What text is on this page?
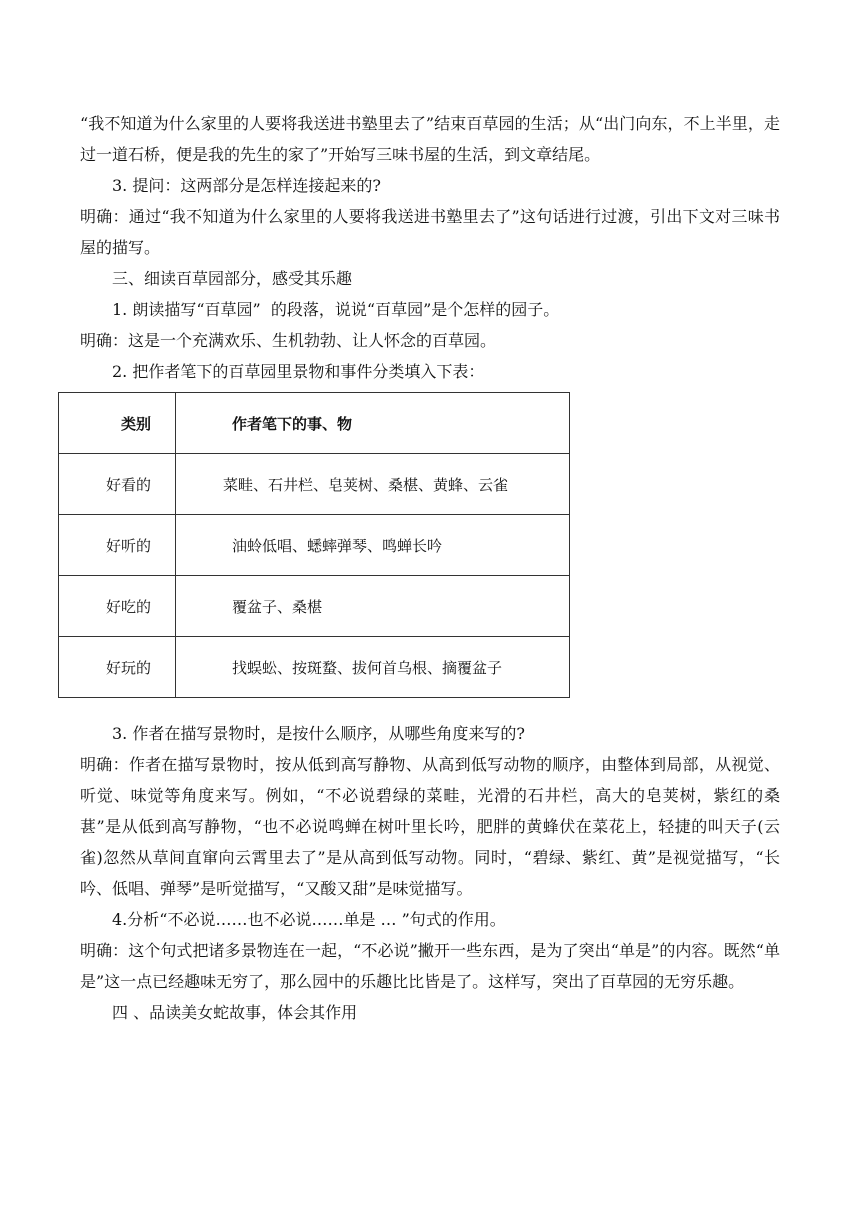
“我不知道为什么家里的人要将我送进书塾里去了”结束百草园的生活；从“出门向东，不上半里，走过一道石桥，便是我的先生的家了”开始写三味书屋的生活，到文章结尾。

3. 提问：这两部分是怎样连接起来的?

明确：通过“我不知道为什么家里的人要将我送进书塾里去了”这句话进行过渡，引出下文对三味书屋的描写。

三、细读百草园部分，感受其乐趣

1. 朗读描写“百草园”  的段落，说说“百草园”是个怎样的园子。

明确：这是一个充满欢乐、生机勃勃、让人怀念的百草园。

2. 把作者笔下的百草园里景物和事件分类填入下表：

类别	作者笔下的事、物
好看的	菜畦、石井栏、皂荚树、桑椹、黄蜂、云雀
好听的	油蛉低唱、蟋蟀弹琴、鸣蝉长吟
好吃的	覆盆子、桑椹
好玩的	找蜈蚣、按斑蝥、拔何首乌根、摘覆盆子

3. 作者在描写景物时，是按什么顺序，从哪些角度来写的?

明确：作者在描写景物时，按从低到高写静物、从高到低写动物的顺序，由整体到局部，从视觉、听觉、味觉等角度来写。例如，“不必说碧绿的菜畦，光滑的石井栏，高大的皂荚树，紫红的桑葚”是从低到高写静物，“也不必说鸣蝉在树叶里长吟，肥胖的黄蜂伏在菜花上，轻捷的叫天子(云雀)忽然从草间直窜向云霄里去了”是从高到低写动物。同时，“碧绿、紫红、黄”是视觉描写，“长吟、低唱、弹琴”是听觉描写，“又酸又甜”是味觉描写。

4.分析“不必说……也不必说……单是 … ”句式的作用。

明确：这个句式把诸多景物连在一起，“不必说”撇开一些东西，是为了突出“单是”的内容。既然“单是”这一点已经趣味无穷了，那么园中的乐趣比比皆是了。这样写，突出了百草园的无穷乐趣。

四 、品读美女蛇故事，体会其作用
